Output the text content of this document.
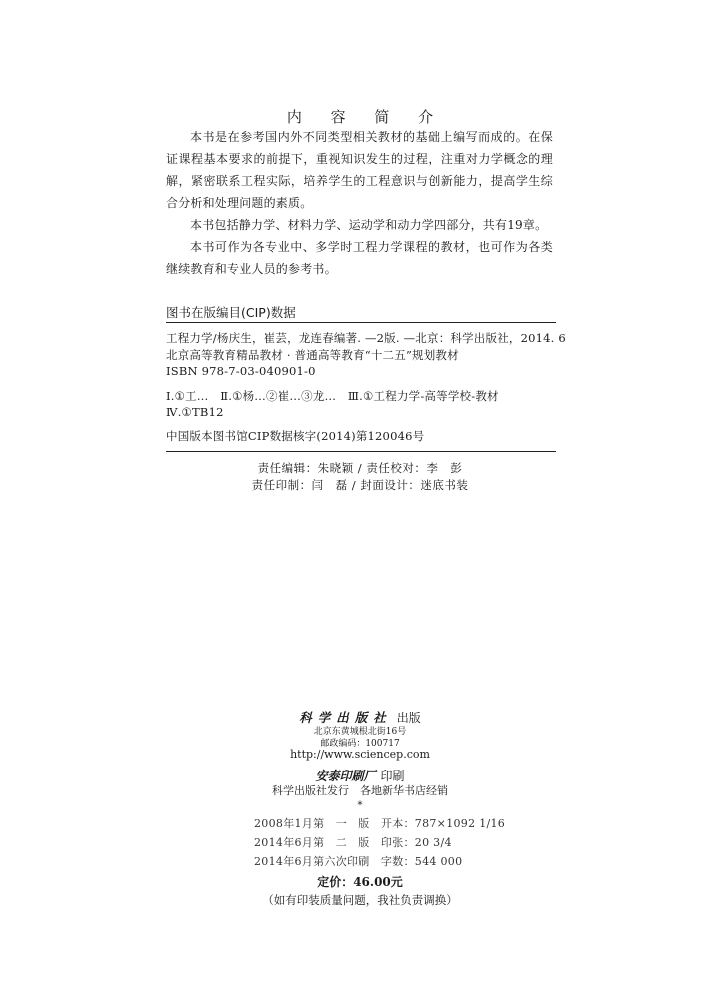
内 容 简 介

本书是在参考国内外不同类型相关教材的基础上编写而成的。在保证课程基本要求的前提下，重视知识发生的过程，注重对力学概念的理解，紧密联系工程实际，培养学生的工程意识与创新能力，提高学生综合分析和处理问题的素质。

本书包括静力学、材料力学、运动学和动力学四部分，共有19章。

本书可作为各专业中、多学时工程力学课程的教材，也可作为各类继续教育和专业人员的参考书。

图书在版编目(CIP)数据
工程力学/杨庆生，崔芸，龙连春编著. —2版. —北京：科学出版社，2014. 6
北京高等教育精品教材 · 普通高等教育“十二五”规划教材
ISBN 978-7-03-040901-0
Ⅰ.①工…　Ⅱ.①杨…②崔…③龙…　Ⅲ.①工程力学-高等学校-教材
Ⅳ.①TB12
中国版本图书馆CIP数据核字(2014)第120046号
责任编辑：朱晓颖 / 责任校对：李　彭
责任印制：闫　磊 / 封面设计：迷底书装
科学出版社 出版
北京东黄城根北街16号
邮政编码：100717
http://www.sciencep.com
安泰印刷厂 印刷
科学出版社发行　各地新华书店经销
*
2008年1月第　一　版　开本：787×1092 1/16
2014年6月第　二　版　印张：20 3/4
2014年6月第六次印刷　字数：544 000
定价：46.00元
（如有印装质量问题，我社负责调换）
